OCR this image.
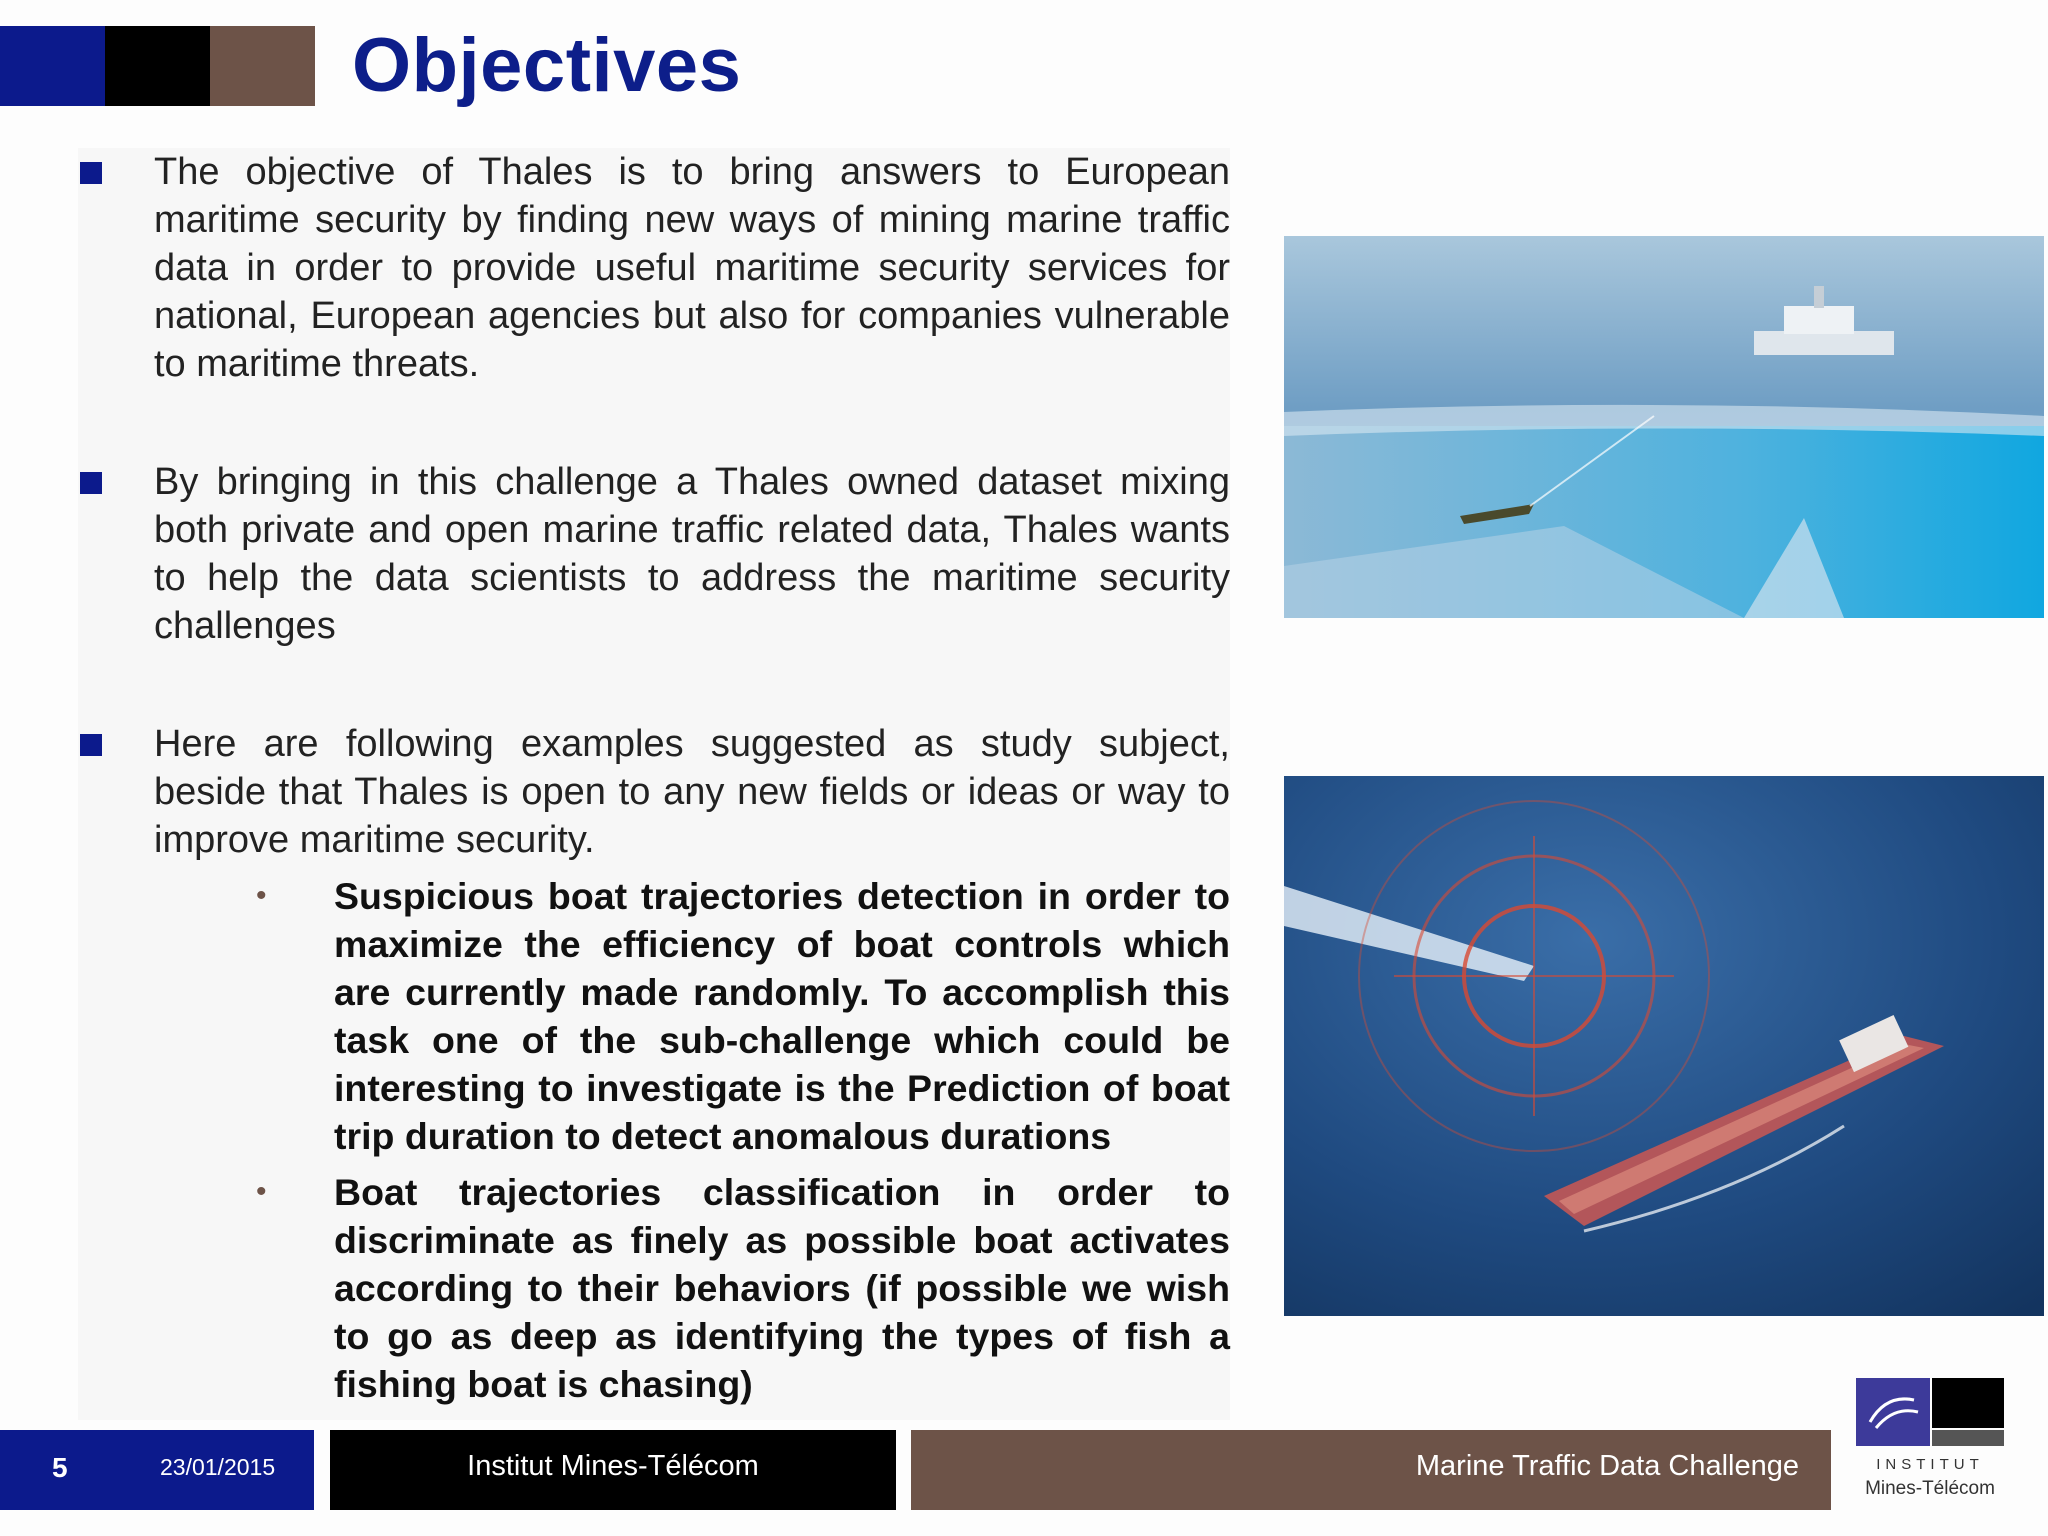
Objectives
The objective of Thales is to bring answers to European maritime security by finding new ways of mining marine traffic data in order to provide useful maritime security services for national, European agencies but also for companies vulnerable to maritime threats.
By bringing in this challenge a Thales owned dataset mixing both private and open marine traffic related data, Thales wants to help the data scientists to address the maritime security challenges
Here are following examples suggested as study subject, beside that Thales is open to any new fields or ideas or way to improve maritime security.
• Suspicious boat trajectories detection in order to maximize the efficiency of boat controls which are currently made randomly. To accomplish this task one of the sub-challenge which could be interesting to investigate is the Prediction of boat trip duration to detect anomalous durations
• Boat trajectories classification in order to discriminate as finely as possible boat activates according to their behaviors (if possible we wish to go as deep as identifying the types of fish a fishing boat is chasing)
5	23/01/2015	Institut Mines-Télécom	Marine Traffic Data Challenge	INSTITUT
Mines-Télécom
